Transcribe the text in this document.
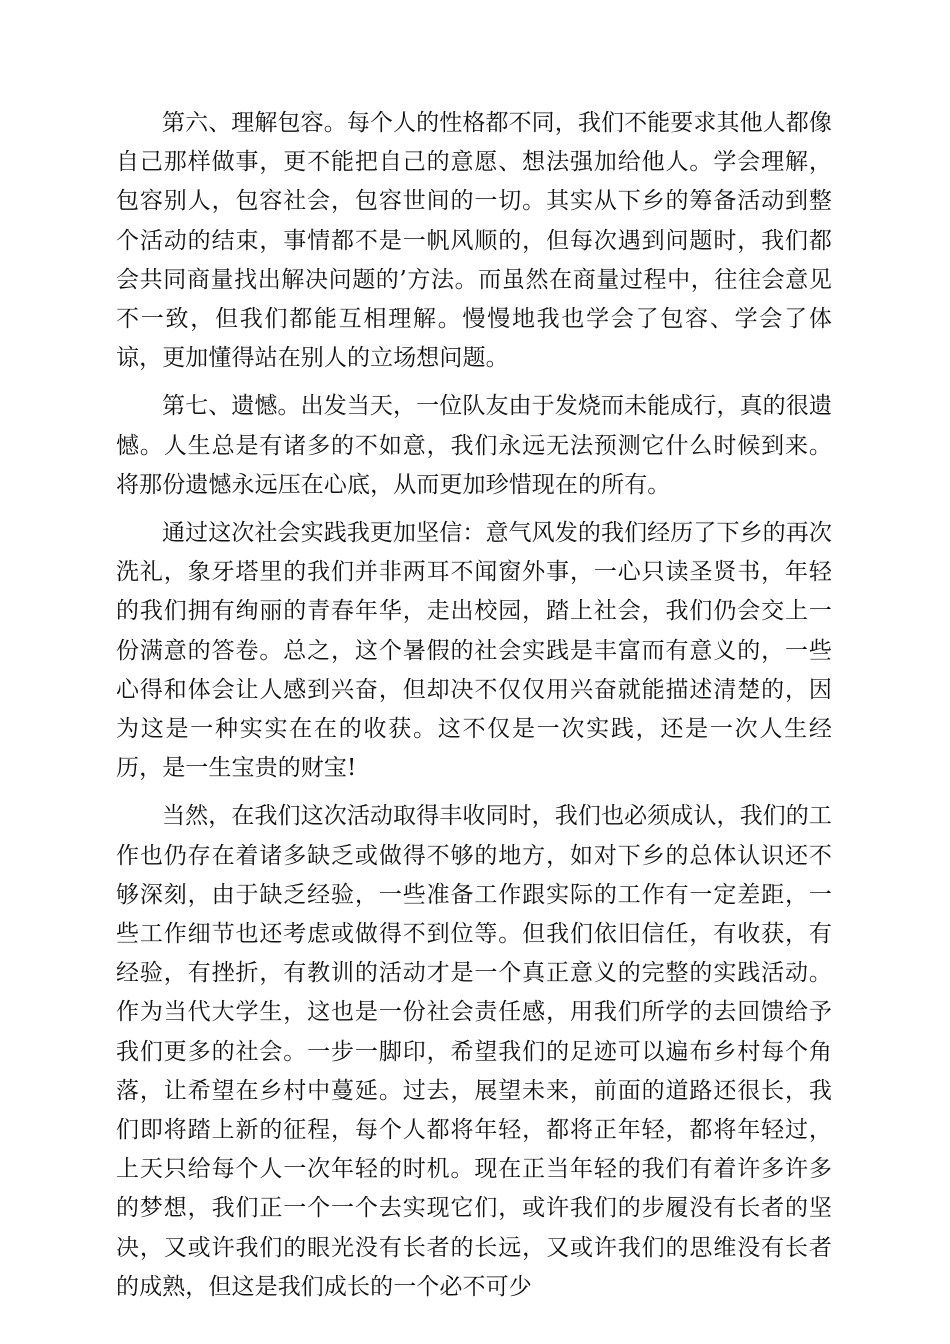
第六、理解包容。每个人的性格都不同，我们不能要求其他人都像自己那样做事，更不能把自己的意愿、想法强加给他人。学会理解，包容别人，包容社会，包容世间的一切。其实从下乡的筹备活动到整个活动的结束，事情都不是一帆风顺的，但每次遇到问题时，我们都会共同商量找出解决问题的’方法。而虽然在商量过程中，往往会意见不一致，但我们都能互相理解。慢慢地我也学会了包容、学会了体谅，更加懂得站在别人的立场想问题。

第七、遗憾。出发当天，一位队友由于发烧而未能成行，真的很遗憾。人生总是有诸多的不如意，我们永远无法预测它什么时候到来。将那份遗憾永远压在心底，从而更加珍惜现在的所有。

通过这次社会实践我更加坚信：意气风发的我们经历了下乡的再次洗礼，象牙塔里的我们并非两耳不闻窗外事，一心只读圣贤书，年轻的我们拥有绚丽的青春年华，走出校园，踏上社会，我们仍会交上一份满意的答卷。总之，这个暑假的社会实践是丰富而有意义的，一些心得和体会让人感到兴奋，但却决不仅仅用兴奋就能描述清楚的，因为这是一种实实在在的收获。这不仅是一次实践，还是一次人生经历，是一生宝贵的财宝!

当然，在我们这次活动取得丰收同时，我们也必须成认，我们的工作也仍存在着诸多缺乏或做得不够的地方，如对下乡的总体认识还不够深刻，由于缺乏经验，一些准备工作跟实际的工作有一定差距，一些工作细节也还考虑或做得不到位等。但我们依旧信任，有收获，有经验，有挫折，有教训的活动才是一个真正意义的完整的实践活动。作为当代大学生，这也是一份社会责任感，用我们所学的去回馈给予我们更多的社会。一步一脚印，希望我们的足迹可以遍布乡村每个角落，让希望在乡村中蔓延。过去，展望未来，前面的道路还很长，我们即将踏上新的征程，每个人都将年轻，都将正年轻，都将年轻过，上天只给每个人一次年轻的时机。现在正当年轻的我们有着许多许多的梦想，我们正一个一个去实现它们，或许我们的步履没有长者的坚决，又或许我们的眼光没有长者的长远，又或许我们的思维没有长者的成熟，但这是我们成长的一个必不可少
